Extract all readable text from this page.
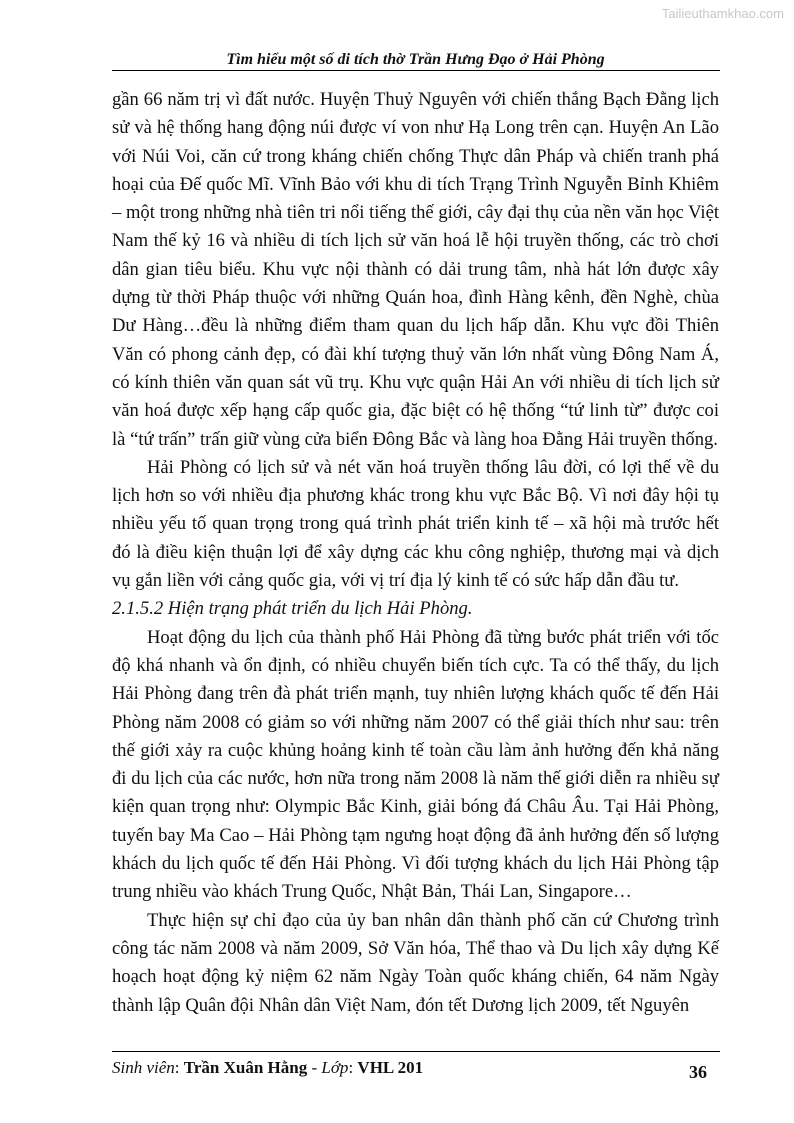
Tailieuthamkhao.com
Tìm hiểu một số di tích thờ Trần Hưng Đạo ở Hải Phòng

gần 66 năm trị vì đất nước. Huyện Thuỷ Nguyên với chiến thắng Bạch Đằng lịch sử và hệ thống hang động núi được ví von như Hạ Long trên cạn. Huyện An Lão với Núi Voi, căn cứ trong kháng chiến chống Thực dân Pháp và chiến tranh phá hoại của Đế quốc Mĩ. Vĩnh Bảo với khu di tích Trạng Trình Nguyễn Bỉnh Khiêm – một trong những nhà tiên tri nổi tiếng thế giới, cây đại thụ của nền văn học Việt Nam thế kỷ 16 và nhiều di tích lịch sử văn hoá lễ hội truyền thống, các trò chơi dân gian tiêu biểu. Khu vực nội thành có dải trung tâm, nhà hát lớn được xây dựng từ thời Pháp thuộc với những Quán hoa, đình Hàng kênh, đền Nghè, chùa Dư Hàng…đều là những điểm tham quan du lịch hấp dẫn. Khu vực đồi Thiên Văn có phong cảnh đẹp, có đài khí tượng thuỷ văn lớn nhất vùng Đông Nam Á, có kính thiên văn quan sát vũ trụ. Khu vực quận Hải An với nhiều di tích lịch sử văn hoá được xếp hạng cấp quốc gia, đặc biệt có hệ thống “tứ linh từ” được coi là “tứ trấn” trấn giữ vùng cửa biển Đông Bắc và làng hoa Đằng Hải truyền thống.

Hải Phòng có lịch sử và nét văn hoá truyền thống lâu đời, có lợi thế về du lịch hơn so với nhiều địa phương khác trong khu vực Bắc Bộ. Vì nơi đây hội tụ nhiều yếu tố quan trọng trong quá trình phát triển kinh tế – xã hội mà trước hết đó là điều kiện thuận lợi để xây dựng các khu công nghiệp, thương mại và dịch vụ gắn liền với cảng quốc gia, với vị trí địa lý kinh tế có sức hấp dẫn đầu tư.

2.1.5.2 Hiện trạng phát triển du lịch Hải Phòng.

Hoạt động du lịch của thành phố Hải Phòng đã từng bước phát triển với tốc độ khá nhanh và ổn định, có nhiều chuyển biến tích cực. Ta có thể thấy, du lịch Hải Phòng đang trên đà phát triển mạnh, tuy nhiên lượng khách quốc tế đến Hải Phòng năm 2008 có giảm so với những năm 2007 có thể giải thích như sau: trên thế giới xảy ra cuộc khủng hoảng kinh tế toàn cầu làm ảnh hưởng đến khả năng đi du lịch của các nước, hơn nữa trong năm 2008 là năm thế giới diễn ra nhiều sự kiện quan trọng như: Olympic Bắc Kinh, giải bóng đá Châu Âu. Tại Hải Phòng, tuyến bay Ma Cao – Hải Phòng tạm ngưng hoạt động đã ảnh hưởng đến số lượng khách du lịch quốc tế đến Hải Phòng. Vì đối tượng khách du lịch Hải Phòng tập trung nhiều vào khách Trung Quốc, Nhật Bản, Thái Lan, Singapore…

Thực hiện sự chỉ đạo của ủy ban nhân dân thành phố căn cứ Chương trình công tác năm 2008 và năm 2009, Sở Văn hóa, Thể thao và Du lịch xây dựng Kế hoạch hoạt động kỷ niệm 62 năm Ngày Toàn quốc kháng chiến, 64 năm Ngày thành lập Quân đội Nhân dân Việt Nam, đón tết Dương lịch 2009, tết Nguyên

Sinh viên: Trần Xuân Hằng - Lớp: VHL 201	36
